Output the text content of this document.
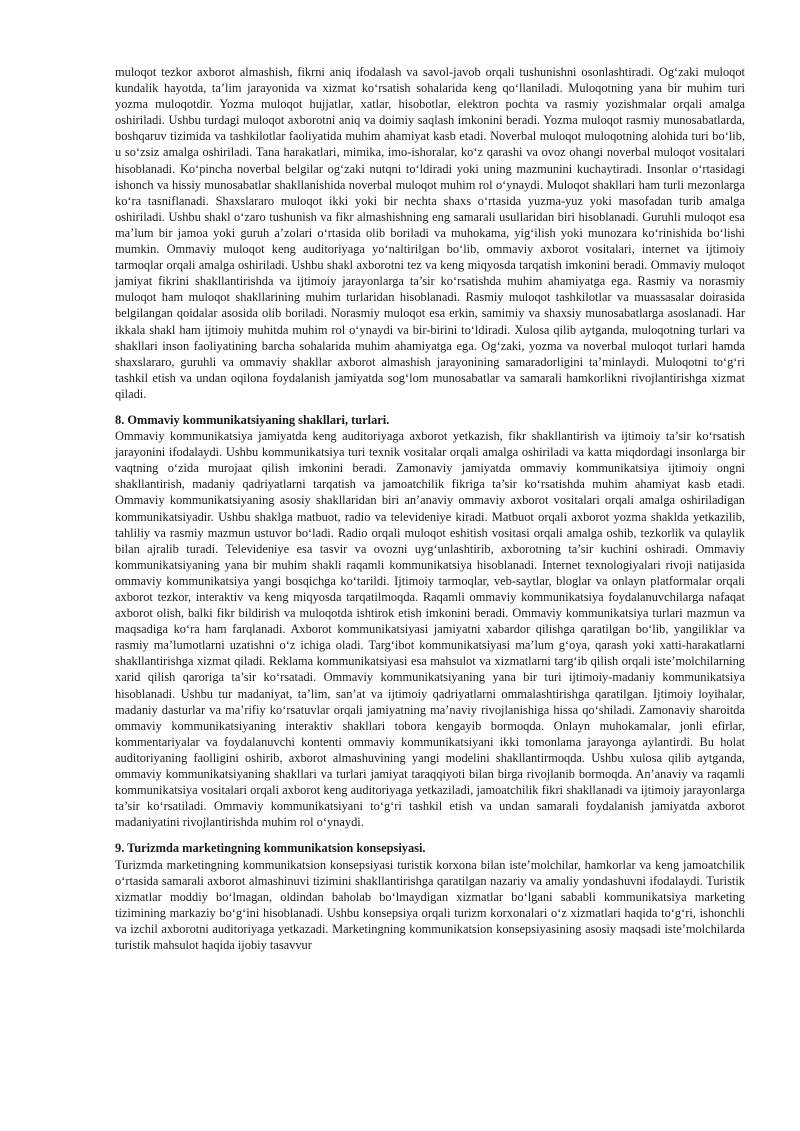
muloqot tezkor axborot almashish, fikrni aniq ifodalash va savol-javob orqali tushunishni osonlashtiradi. Og‘zaki muloqot kundalik hayotda, ta’lim jarayonida va xizmat ko‘rsatish sohalarida keng qo‘llaniladi. Muloqotning yana bir muhim turi yozma muloqotdir. Yozma muloqot hujjatlar, xatlar, hisobotlar, elektron pochta va rasmiy yozishmalar orqali amalga oshiriladi. Ushbu turdagi muloqot axborotni aniq va doimiy saqlash imkonini beradi. Yozma muloqot rasmiy munosabatlarda, boshqaruv tizimida va tashkilotlar faoliyatida muhim ahamiyat kasb etadi. Noverbal muloqot muloqotning alohida turi bo‘lib, u so‘zsiz amalga oshiriladi. Tana harakatlari, mimika, imo-ishoralar, ko‘z qarashi va ovoz ohangi noverbal muloqot vositalari hisoblanadi. Ko‘pincha noverbal belgilar og‘zaki nutqni to‘ldiradi yoki uning mazmunini kuchaytiradi. Insonlar o‘rtasidagi ishonch va hissiy munosabatlar shakllanishida noverbal muloqot muhim rol o‘ynaydi. Muloqot shakllari ham turli mezonlarga ko‘ra tasniflanadi. Shaxslararo muloqot ikki yoki bir nechta shaxs o‘rtasida yuzma-yuz yoki masofadan turib amalga oshiriladi. Ushbu shakl o‘zaro tushunish va fikr almashishning eng samarali usullaridan biri hisoblanadi. Guruhli muloqot esa ma’lum bir jamoa yoki guruh a’zolari o‘rtasida olib boriladi va muhokama, yig‘ilish yoki munozara ko‘rinishida bo‘lishi mumkin. Ommaviy muloqot keng auditoriyaga yo‘naltirilgan bo‘lib, ommaviy axborot vositalari, internet va ijtimoiy tarmoqlar orqali amalga oshiriladi. Ushbu shakl axborotni tez va keng miqyosda tarqatish imkonini beradi. Ommaviy muloqot jamiyat fikrini shakllantirishda va ijtimoiy jarayonlarga ta’sir ko‘rsatishda muhim ahamiyatga ega. Rasmiy va norasmiy muloqot ham muloqot shakllarining muhim turlaridan hisoblanadi. Rasmiy muloqot tashkilotlar va muassasalar doirasida belgilangan qoidalar asosida olib boriladi. Norasmiy muloqot esa erkin, samimiy va shaxsiy munosabatlarga asoslanadi. Har ikkala shakl ham ijtimoiy muhitda muhim rol o‘ynaydi va bir-birini to‘ldiradi. Xulosa qilib aytganda, muloqotning turlari va shakllari inson faoliyatining barcha sohalarida muhim ahamiyatga ega. Og‘zaki, yozma va noverbal muloqot turlari hamda shaxslararo, guruhli va ommaviy shakllar axborot almashish jarayonining samaradorligini ta’minlaydi. Muloqotni to‘g‘ri tashkil etish va undan oqilona foydalanish jamiyatda sog‘lom munosabatlar va samarali hamkorlikni rivojlantirishga xizmat qiladi.

8. Ommaviy kommunikatsiyaning shakllari, turlari.

Ommaviy kommunikatsiya jamiyatda keng auditoriyaga axborot yetkazish, fikr shakllantirish va ijtimoiy ta’sir ko‘rsatish jarayonini ifodalaydi. Ushbu kommunikatsiya turi texnik vositalar orqali amalga oshiriladi va katta miqdordagi insonlarga bir vaqtning o‘zida murojaat qilish imkonini beradi. Zamonaviy jamiyatda ommaviy kommunikatsiya ijtimoiy ongni shakllantirish, madaniy qadriyatlarni tarqatish va jamoatchilik fikriga ta’sir ko‘rsatishda muhim ahamiyat kasb etadi. Ommaviy kommunikatsiyaning asosiy shakllaridan biri an’anaviy ommaviy axborot vositalari orqali amalga oshiriladigan kommunikatsiyadir. Ushbu shaklga matbuot, radio va televideniye kiradi. Matbuot orqali axborot yozma shaklda yetkazilib, tahliliy va rasmiy mazmun ustuvor bo‘ladi. Radio orqali muloqot eshitish vositasi orqali amalga oshib, tezkorlik va qulaylik bilan ajralib turadi. Televideniye esa tasvir va ovozni uyg‘unlashtirib, axborotning ta’sir kuchini oshiradi. Ommaviy kommunikatsiyaning yana bir muhim shakli raqamli kommunikatsiya hisoblanadi. Internet texnologiyalari rivoji natijasida ommaviy kommunikatsiya yangi bosqichga ko‘tarildi. Ijtimoiy tarmoqlar, veb-saytlar, bloglar va onlayn platformalar orqali axborot tezkor, interaktiv va keng miqyosda tarqatilmoqda. Raqamli ommaviy kommunikatsiya foydalanuvchilarga nafaqat axborot olish, balki fikr bildirish va muloqotda ishtirok etish imkonini beradi. Ommaviy kommunikatsiya turlari mazmun va maqsadiga ko‘ra ham farqlanadi. Axborot kommunikatsiyasi jamiyatni xabardor qilishga qaratilgan bo‘lib, yangiliklar va rasmiy ma’lumotlarni uzatishni o‘z ichiga oladi. Targ‘ibot kommunikatsiyasi ma’lum g‘oya, qarash yoki xatti-harakatlarni shakllantirishga xizmat qiladi. Reklama kommunikatsiyasi esa mahsulot va xizmatlarni targ‘ib qilish orqali iste’molchilarning xarid qilish qaroriga ta’sir ko‘rsatadi. Ommaviy kommunikatsiyaning yana bir turi ijtimoiy-madaniy kommunikatsiya hisoblanadi. Ushbu tur madaniyat, ta’lim, san’at va ijtimoiy qadriyatlarni ommalashtirishga qaratilgan. Ijtimoiy loyihalar, madaniy dasturlar va ma’rifiy ko‘rsatuvlar orqali jamiyatning ma’naviy rivojlanishiga hissa qo‘shiladi. Zamonaviy sharoitda ommaviy kommunikatsiyaning interaktiv shakllari tobora kengayib bormoqda. Onlayn muhokamalar, jonli efirlar, kommentariyalar va foydalanuvchi kontenti ommaviy kommunikatsiyani ikki tomonlama jarayonga aylantirdi. Bu holat auditoriyaning faolligini oshirib, axborot almashuvining yangi modelini shakllantirmoqda. Ushbu xulosa qilib aytganda, ommaviy kommunikatsiyaning shakllari va turlari jamiyat taraqqiyoti bilan birga rivojlanib bormoqda. An’anaviy va raqamli kommunikatsiya vositalari orqali axborot keng auditoriyaga yetkaziladi, jamoatchilik fikri shakllanadi va ijtimoiy jarayonlarga ta’sir ko‘rsatiladi. Ommaviy kommunikatsiyani to‘g‘ri tashkil etish va undan samarali foydalanish jamiyatda axborot madaniyatini rivojlantirishda muhim rol o‘ynaydi.

9. Turizmda marketingning kommunikatsion konsepsiyasi.

Turizmda marketingning kommunikatsion konsepsiyasi turistik korxona bilan iste’molchilar, hamkorlar va keng jamoatchilik o‘rtasida samarali axborot almashinuvi tizimini shakllantirishga qaratilgan nazariy va amaliy yondashuvni ifodalaydi. Turistik xizmatlar moddiy bo‘lmagan, oldindan baholab bo‘lmaydigan xizmatlar bo‘lgani sababli kommunikatsiya marketing tizimining markaziy bo‘g‘ini hisoblanadi. Ushbu konsepsiya orqali turizm korxonalari o‘z xizmatlari haqida to‘g‘ri, ishonchli va izchil axborotni auditoriyaga yetkazadi. Marketingning kommunikatsion konsepsiyasining asosiy maqsadi iste’molchilarda turistik mahsulot haqida ijobiy tasavvur
